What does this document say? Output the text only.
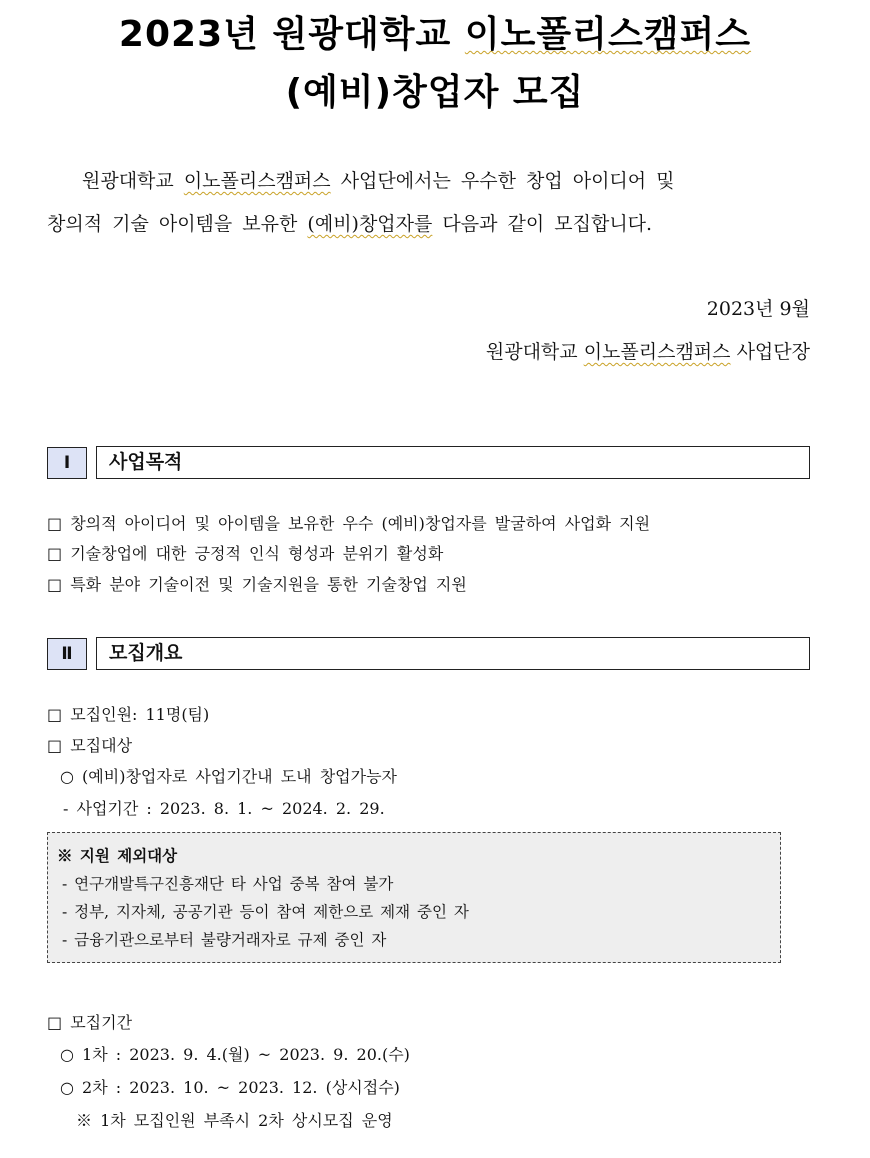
2023년 원광대학교 이노폴리스캠퍼스
(예비)창업자 모집
원광대학교 이노폴리스캠퍼스 사업단에서는 우수한 창업 아이디어 및
창의적 기술 아이템을 보유한 (예비)창업자를 다음과 같이 모집합니다.
2023년 9월
원광대학교 이노폴리스캠퍼스 사업단장
Ⅰ	사업목적
□ 창의적 아이디어 및 아이템을 보유한 우수 (예비)창업자를 발굴하여 사업화 지원
□ 기술창업에 대한 긍정적 인식 형성과 분위기 활성화
□ 특화 분야 기술이전 및 기술지원을 통한 기술창업 지원
Ⅱ	모집개요
□ 모집인원: 11명(팀)
□ 모집대상
○ (예비)창업자로 사업기간내 도내 창업가능자
- 사업기간 : 2023. 8. 1. ~ 2024. 2. 29.
※ 지원 제외대상
- 연구개발특구진흥재단 타 사업 중복 참여 불가
- 정부, 지자체, 공공기관 등이 참여 제한으로 제재 중인 자
- 금융기관으로부터 불량거래자로 규제 중인 자
□ 모집기간
○ 1차 : 2023. 9. 4.(월) ~ 2023. 9. 20.(수)
○ 2차 : 2023. 10. ~ 2023. 12. (상시접수)
※ 1차 모집인원 부족시 2차 상시모집 운영
